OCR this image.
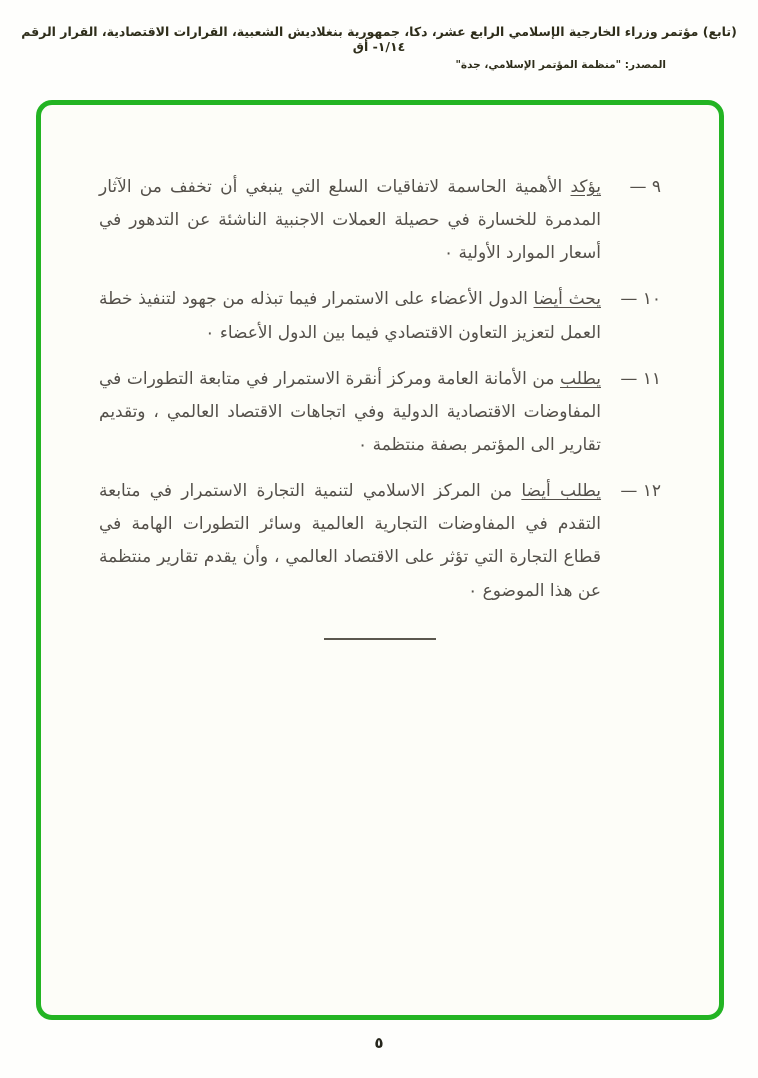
(تابع) مؤتمر وزراء الخارجية الإسلامي الرابع عشر، دكا، جمهورية بنغلاديش الشعبية، القرارات الاقتصادية، القرار الرقم ١/١٤- أق
المصدر: "منظمة المؤتمر الإسلامي، جدة"
٩ —
يؤكد الأهمية الحاسمة لاتفاقيات السلع التي ينبغي أن تخفف من الآثار المدمرة للخسارة في حصيلة العملات الاجنبية الناشئة عن التدهور في أسعار الموارد الأولية ٠
١٠ —
يحث أيضا الدول الأعضاء على الاستمرار فيما تبذله من جهود لتنفيذ خطة العمل لتعزيز التعاون الاقتصادي فيما بين الدول الأعضاء ٠
١١ —
يطلب من الأمانة العامة ومركز أنقرة الاستمرار في متابعة التطورات في المفاوضات الاقتصادية الدولية وفي اتجاهات الاقتصاد العالمي ، وتقديم تقارير الى المؤتمر بصفة منتظمة ٠
١٢ —
يطلب أيضا من المركز الاسلامي لتنمية التجارة الاستمرار في متابعة التقدم في المفاوضات التجارية العالمية وسائر التطورات الهامة في قطاع التجارة التي تؤثر على الاقتصاد العالمي ، وأن يقدم تقارير منتظمة عن هذا الموضوع ٠
٥
